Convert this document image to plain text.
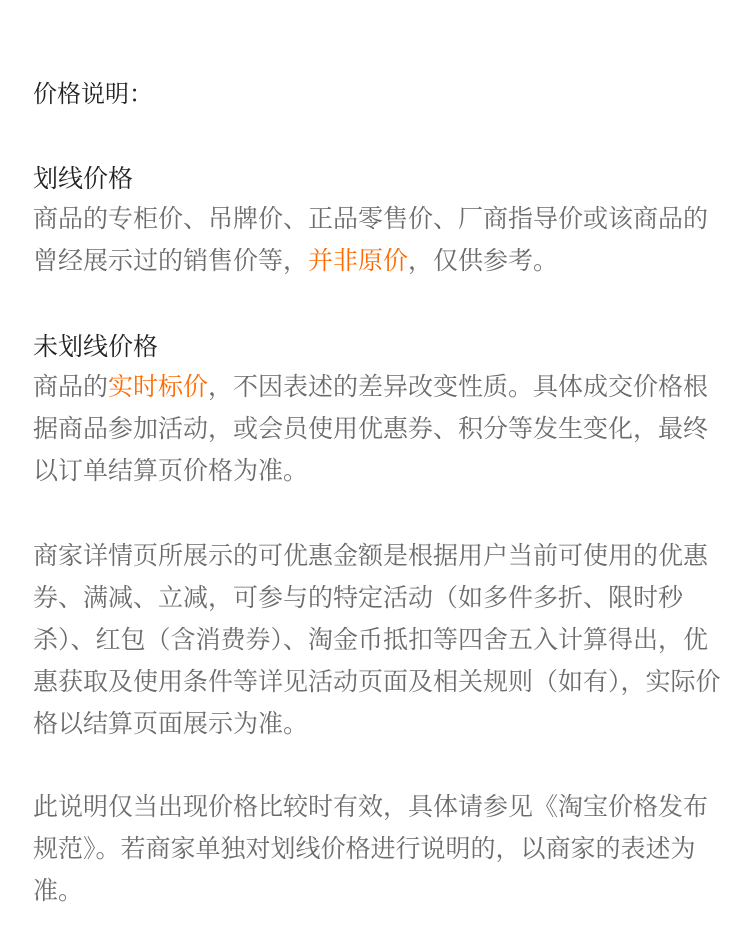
价格说明：
划线价格

商品的专柜价、吊牌价、正品零售价、厂商指导价或该商品的曾经展示过的销售价等，并非原价，仅供参考。

未划线价格

商品的实时标价，不因表述的差异改变性质。具体成交价格根据商品参加活动，或会员使用优惠券、积分等发生变化，最终以订单结算页价格为准。

商家详情页所展示的可优惠金额是根据用户当前可使用的优惠券、满减、立减，可参与的特定活动（如多件多折、限时秒杀）、红包（含消费券）、淘金币抵扣等四舍五入计算得出，优惠获取及使用条件等详见活动页面及相关规则（如有），实际价格以结算页面展示为准。

此说明仅当出现价格比较时有效，具体请参见《淘宝价格发布规范》。若商家单独对划线价格进行说明的，以商家的表述为准。
